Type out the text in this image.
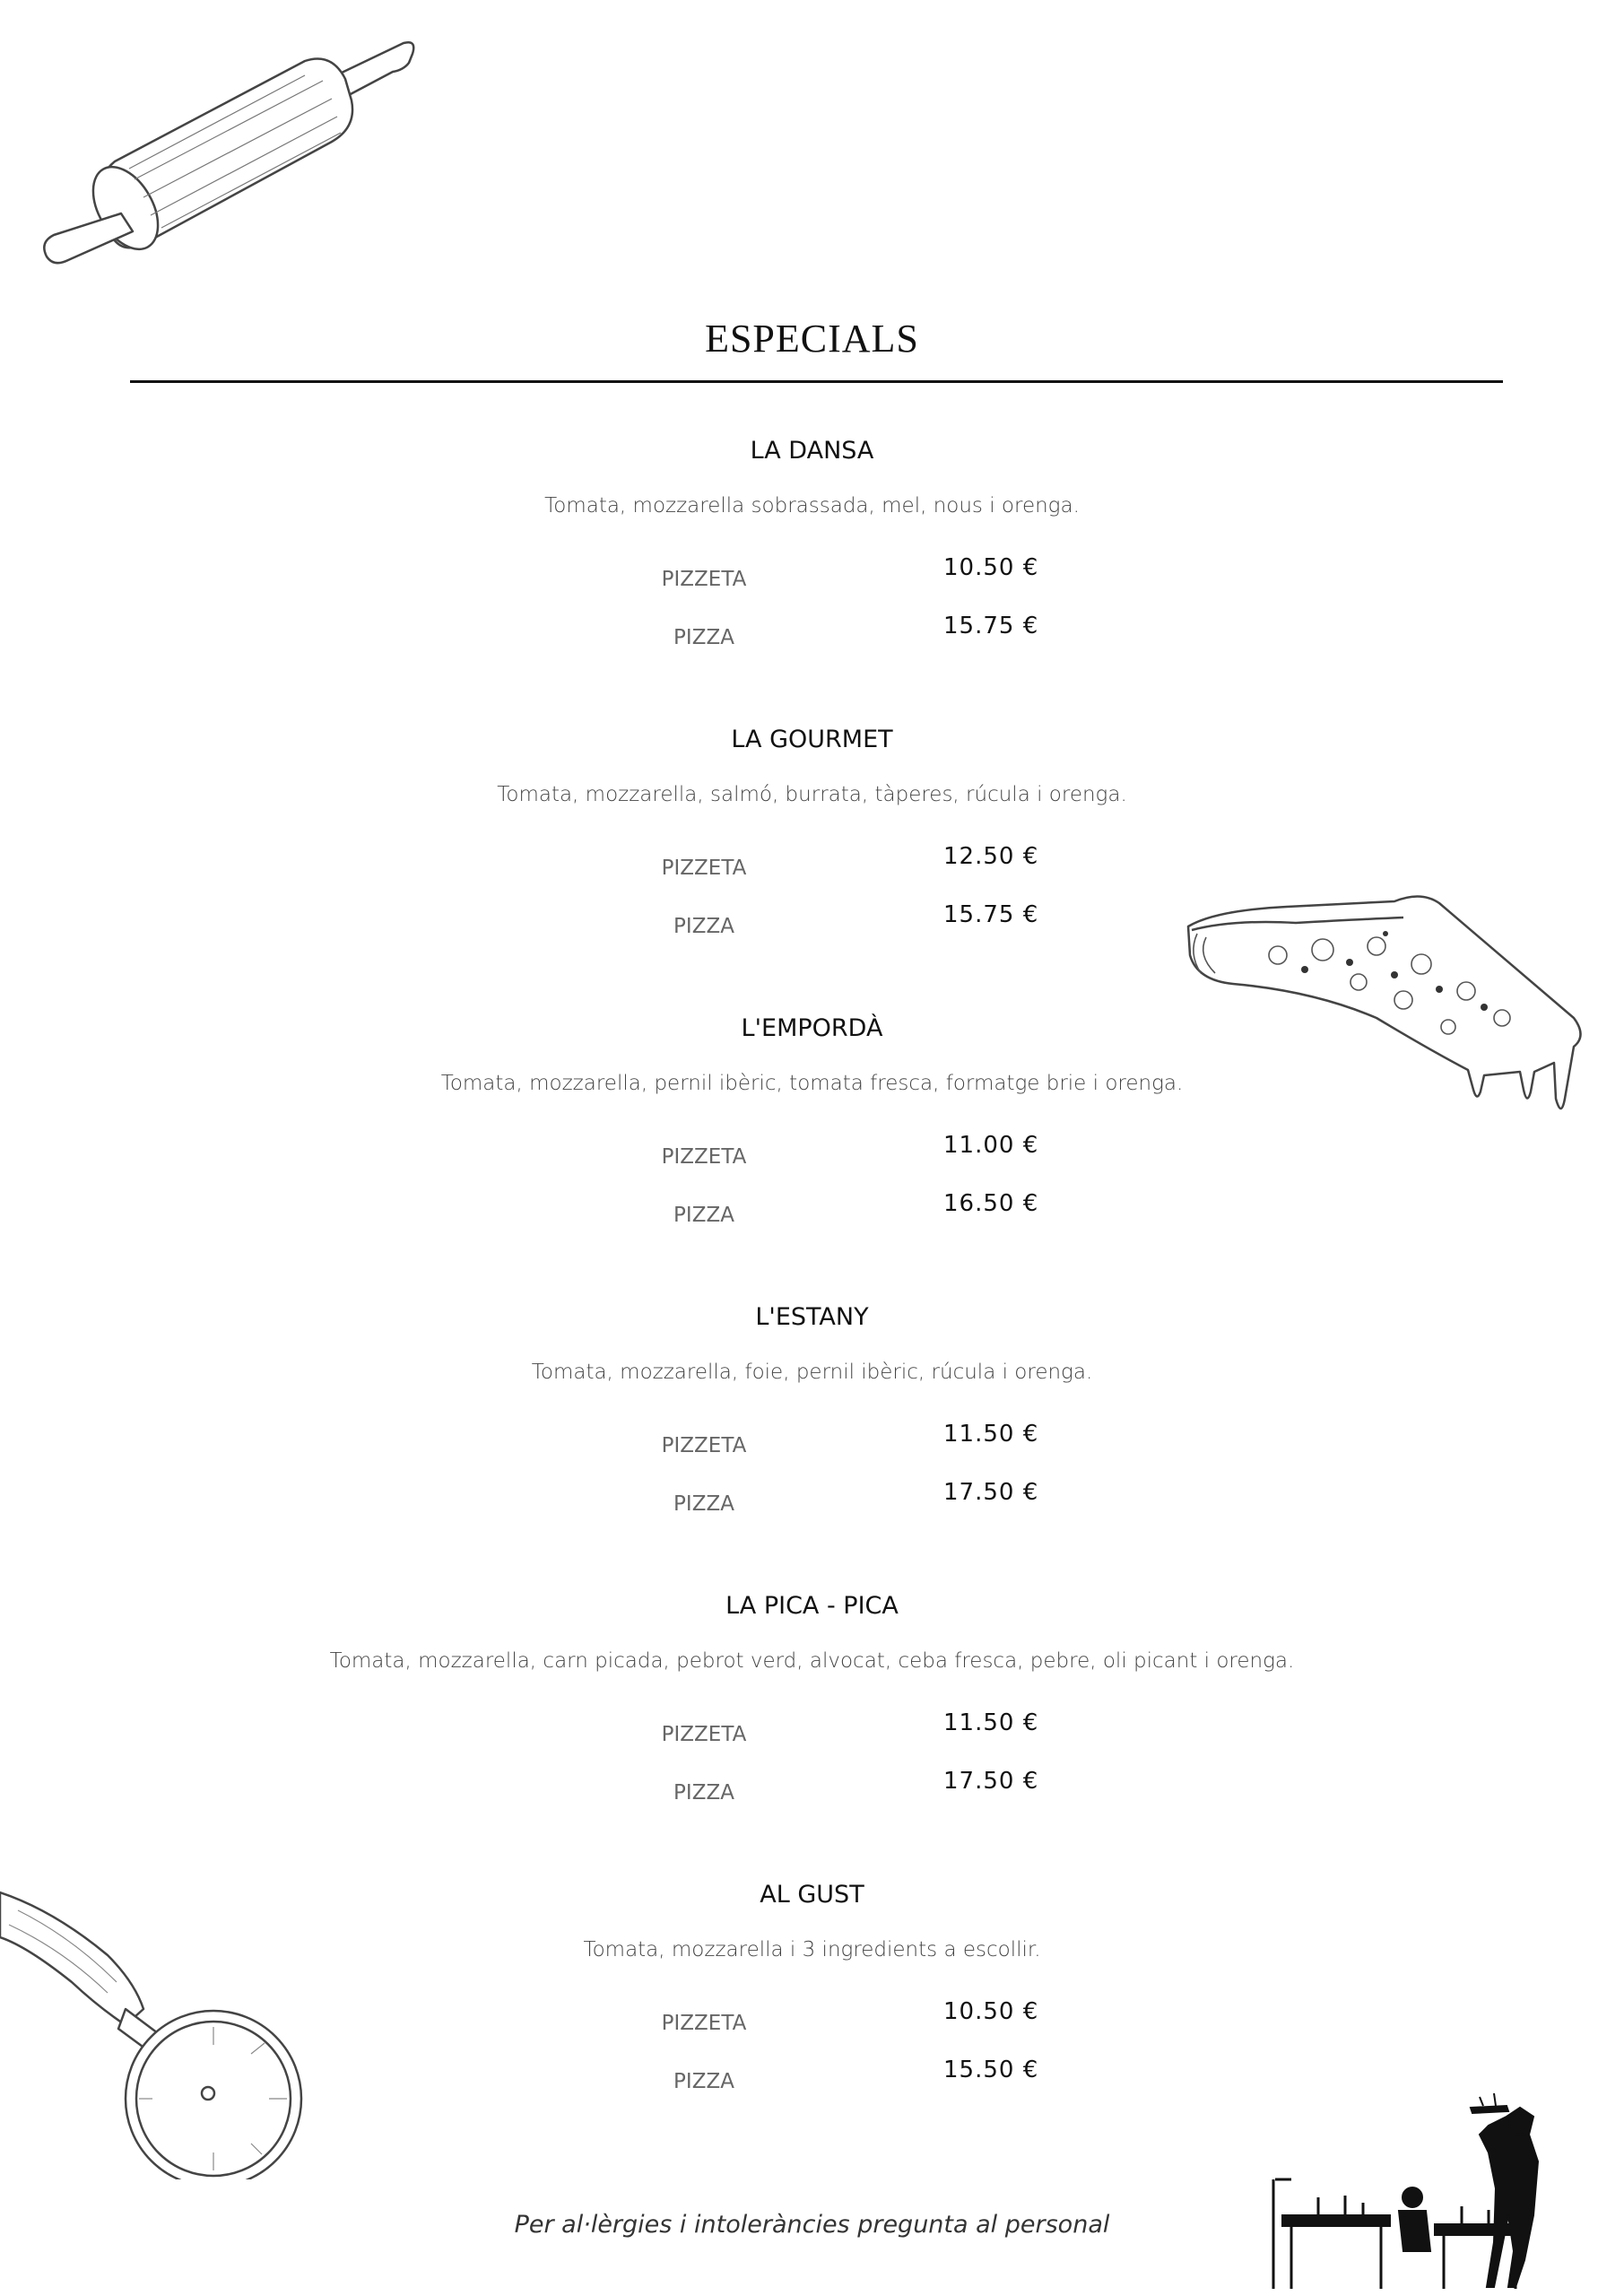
ESPECIALS
LA DANSA
Tomata, mozzarella sobrassada, mel, nous i orenga.
PIZZETA	10.50 €
PIZZA	15.75 €
LA GOURMET
Tomata, mozzarella, salmó, burrata, tàperes, rúcula i orenga.
PIZZETA	12.50 €
PIZZA	15.75 €
L'EMPORDÀ
Tomata, mozzarella, pernil ibèric, tomata fresca, formatge brie i orenga.
PIZZETA	11.00 €
PIZZA	16.50 €
L'ESTANY
Tomata, mozzarella, foie, pernil ibèric, rúcula i orenga.
PIZZETA	11.50 €
PIZZA	17.50 €
LA PICA - PICA
Tomata, mozzarella, carn picada, pebrot verd, alvocat, ceba fresca, pebre, oli picant i orenga.
PIZZETA	11.50 €
PIZZA	17.50 €
AL GUST
Tomata, mozzarella i 3 ingredients a escollir.
PIZZETA	10.50 €
PIZZA	15.50 €
Per al·lèrgies i intoleràncies pregunta al personal
